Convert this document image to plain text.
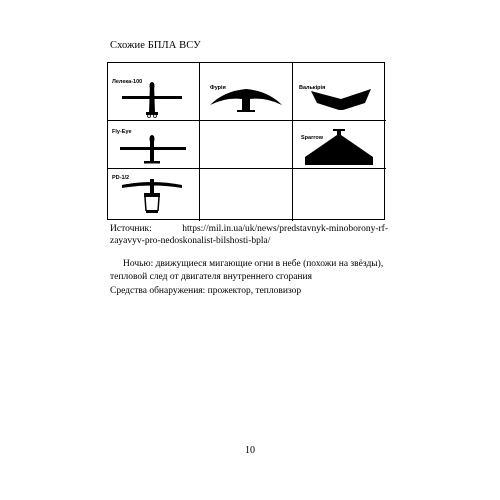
Схожие БПЛА ВСУ
Лелека-100
Фурія	Валькірія
Fly-Eye
Sparrow
PD-1/2
Источник:	https://mil.in.ua/uk/news/predstavnyk-minoborony-rf-
zayavyv-pro-nedoskonalist-bilshosti-bpla/
Ночью: движущиеся мигающие огни в небе (похожи на звёзды),
тепловой след от двигателя внутреннего сгорания
Средства обнаружения: прожектор, тепловизор
10
